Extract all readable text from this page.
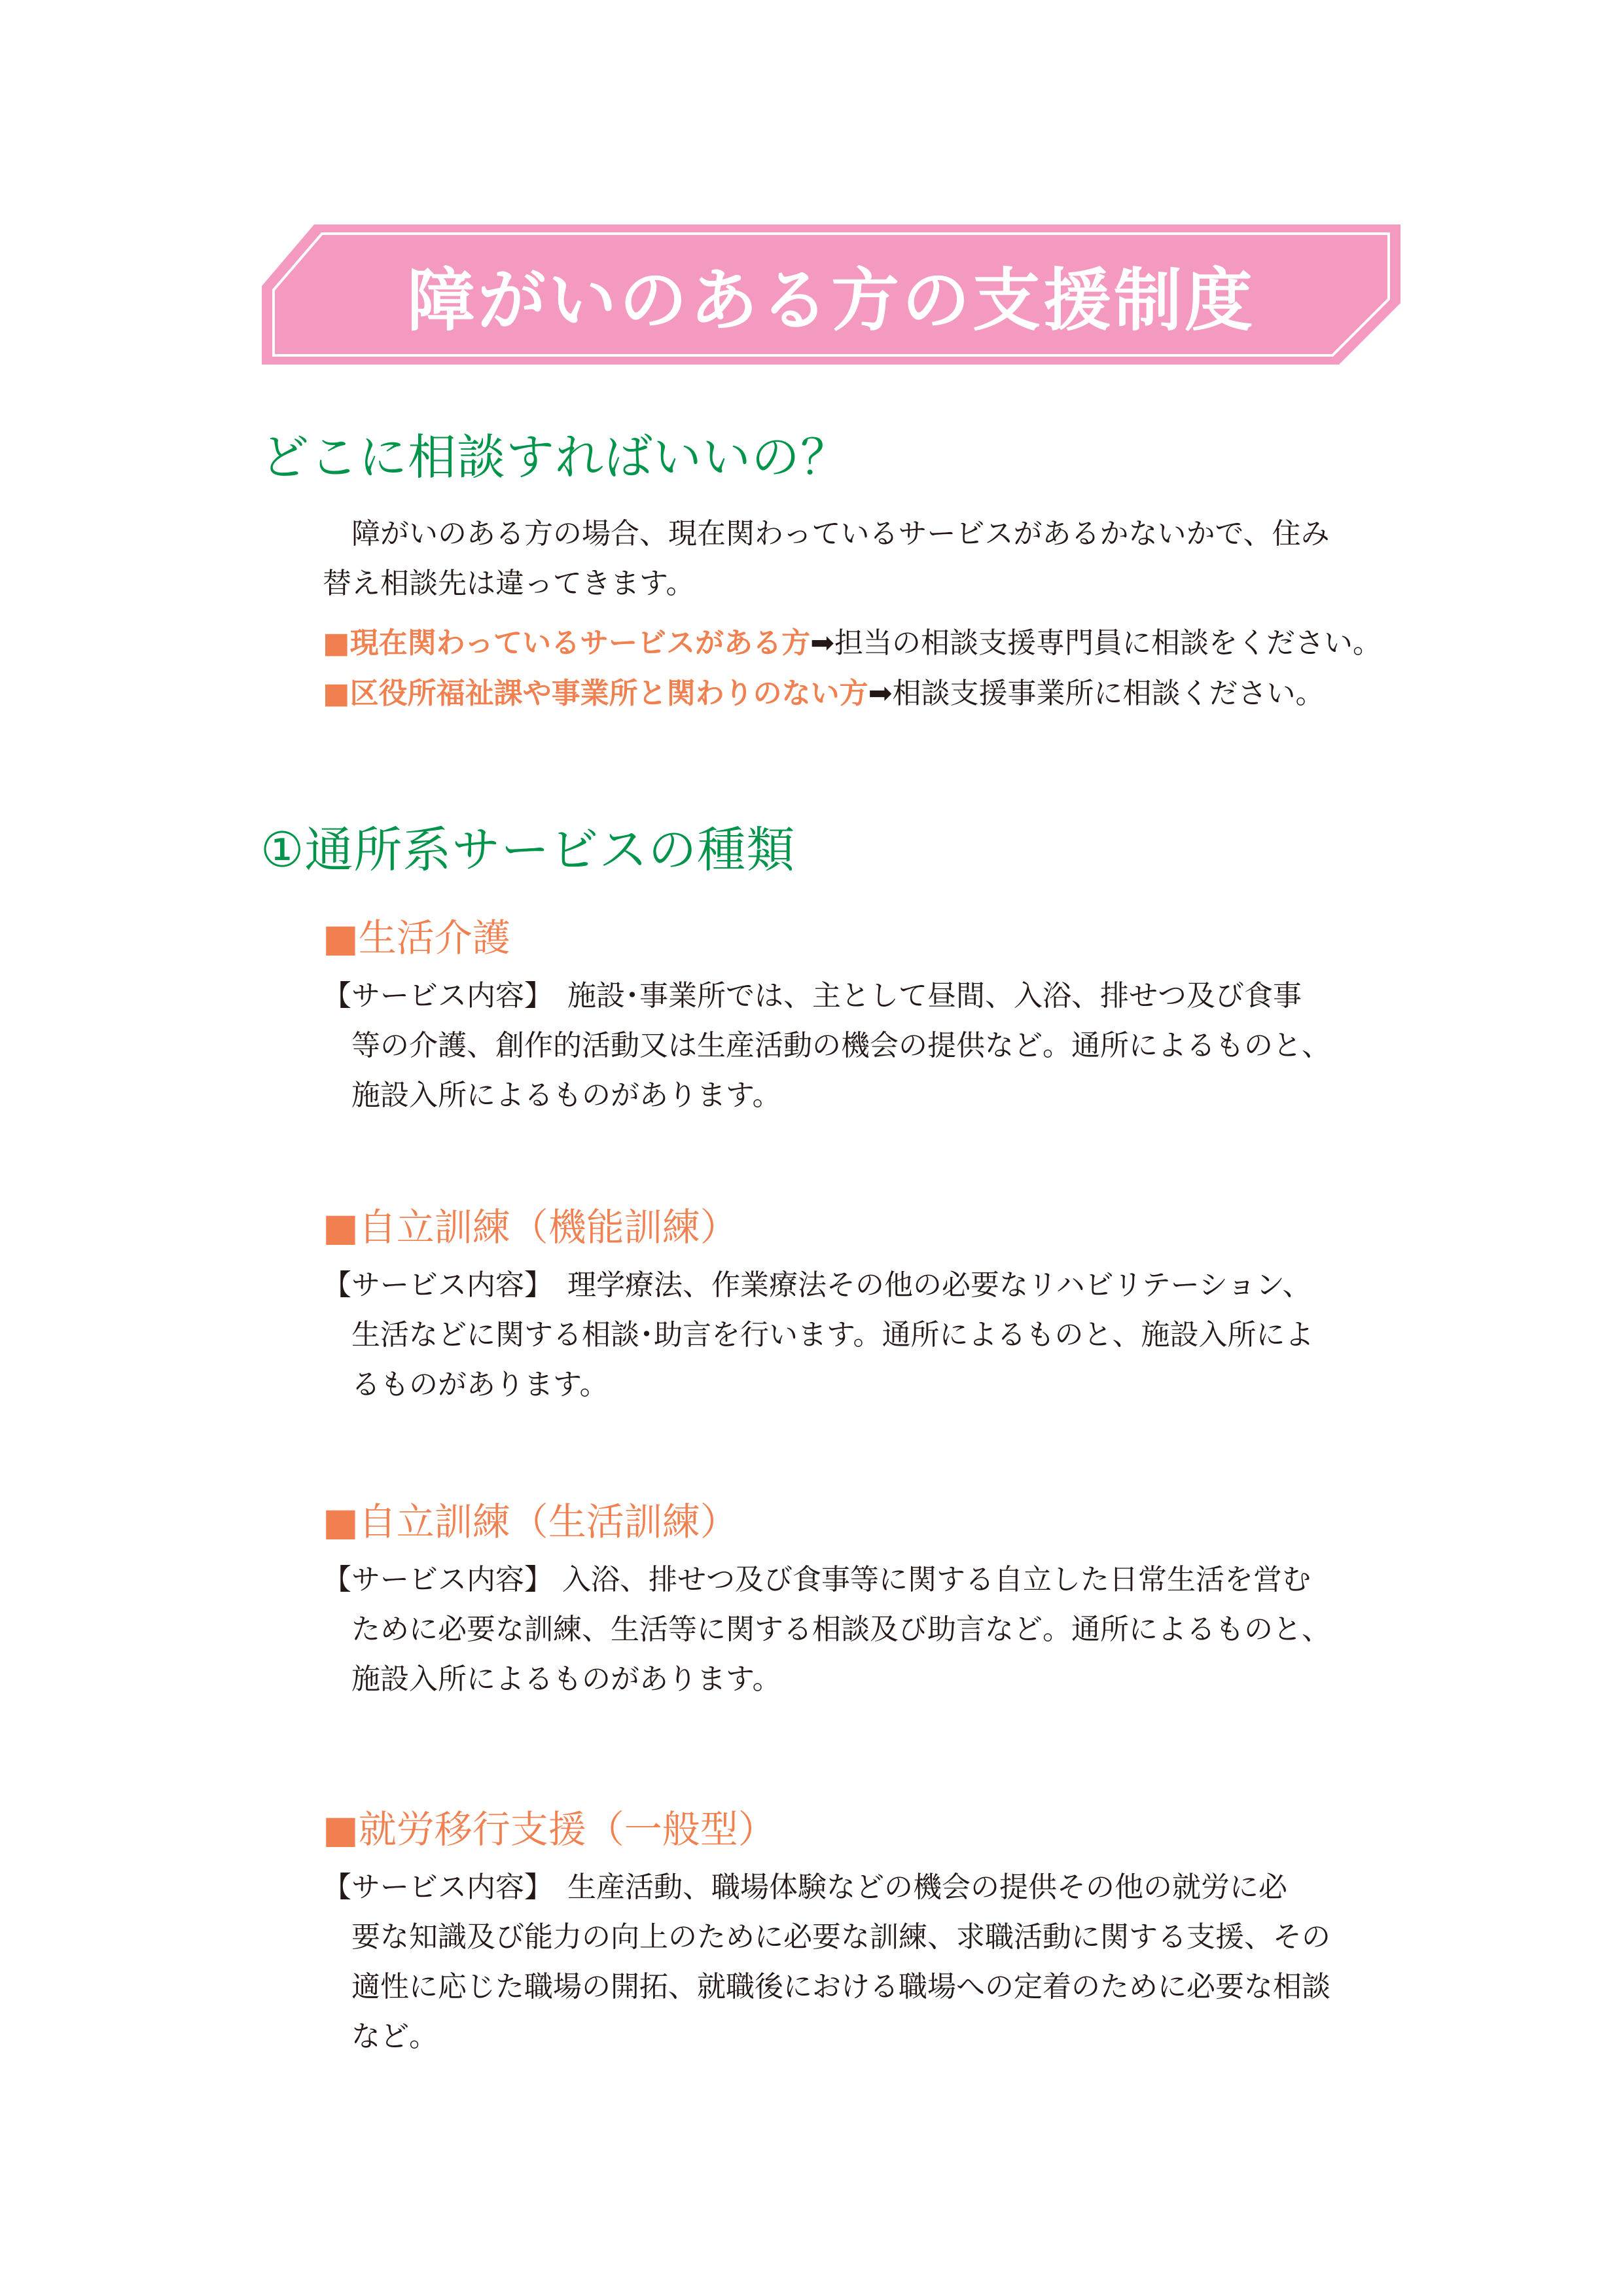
障がいのある方の支援制度
どこに相談すればいいの？
障がいのある方の場合、現在関わっているサービスがあるかないかで、住み
替え相談先は違ってきます。
■現在関わっているサービスがある方➡担当の相談支援専門員に相談をください。
■区役所福祉課や事業所と関わりのない方➡相談支援事業所に相談ください。
①通所系サービスの種類
■生活介護
【サービス内容】　施設･事業所では、主として昼間、入浴、排せつ及び食事
等の介護、創作的活動又は生産活動の機会の提供など。通所によるものと、
施設入所によるものがあります。
■自立訓練（機能訓練）
【サービス内容】　理学療法、作業療法その他の必要なリハビリテーション、
生活などに関する相談･助言を行います。通所によるものと、施設入所によ
るものがあります。
■自立訓練（生活訓練）
【サービス内容】 入浴、排せつ及び食事等に関する自立した日常生活を営む
ために必要な訓練、生活等に関する相談及び助言など。通所によるものと、
施設入所によるものがあります。
■就労移行支援（一般型）
【サービス内容】　生産活動、職場体験などの機会の提供その他の就労に必
要な知識及び能力の向上のために必要な訓練、求職活動に関する支援、その
適性に応じた職場の開拓、就職後における職場への定着のために必要な相談
など。
